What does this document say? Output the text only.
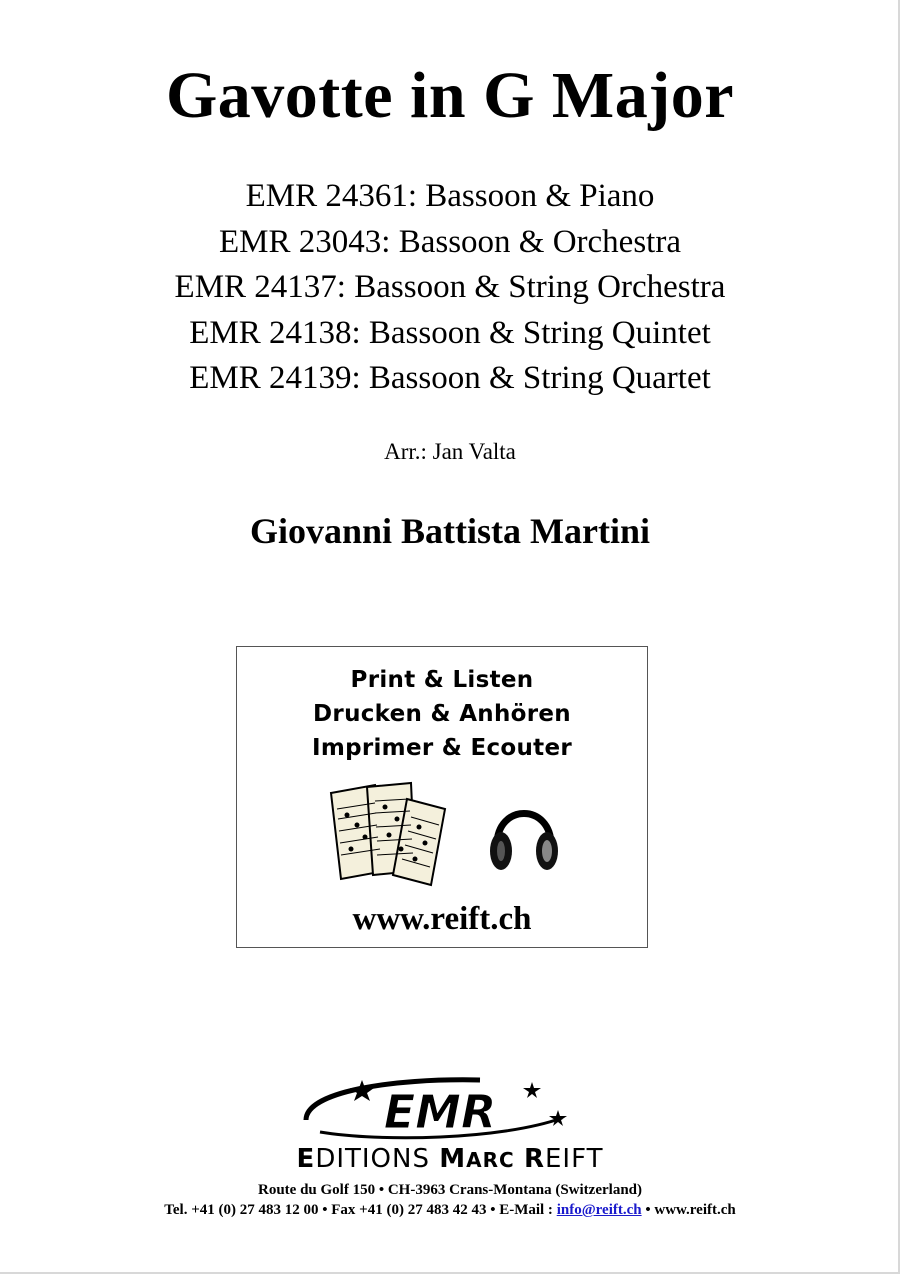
Gavotte in G Major
EMR 24361: Bassoon & Piano
EMR 23043: Bassoon & Orchestra
EMR 24137: Bassoon & String Orchestra
EMR 24138: Bassoon & String Quintet
EMR 24139: Bassoon & String Quartet
Arr.: Jan Valta
Giovanni Battista Martini
Print & Listen
Drucken & Anhören
Imprimer & Ecouter
www.reift.ch
EMR
EDITIONS MARC REIFT
Route du Golf 150 • CH-3963 Crans-Montana (Switzerland)
Tel. +41 (0) 27 483 12 00 • Fax +41 (0) 27 483 42 43 • E-Mail : info@reift.ch • www.reift.ch
